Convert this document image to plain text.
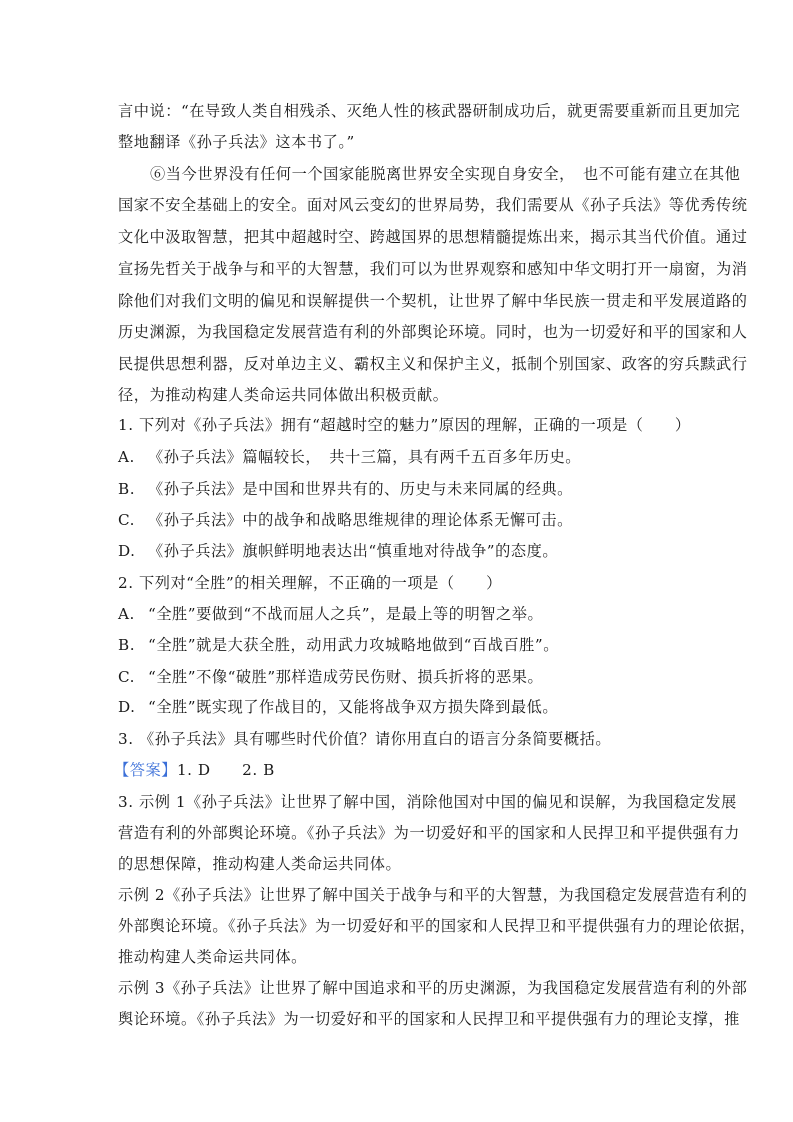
言中说：“在导致人类自相残杀、灭绝人性的核武器研制成功后，就更需要重新而且更加完
整地翻译《孙子兵法》这本书了。”
⑥当今世界没有任何一个国家能脱离世界安全实现自身安全，　也不可能有建立在其他
国家不安全基础上的安全。面对风云变幻的世界局势，我们需要从《孙子兵法》等优秀传统
文化中汲取智慧，把其中超越时空、跨越国界的思想精髓提炼出来，揭示其当代价值。通过
宣扬先哲关于战争与和平的大智慧，我们可以为世界观察和感知中华文明打开一扇窗，为消
除他们对我们文明的偏见和误解提供一个契机，让世界了解中华民族一贯走和平发展道路的
历史渊源，为我国稳定发展营造有利的外部舆论环境。同时，也为一切爱好和平的国家和人
民提供思想利器，反对单边主义、霸权主义和保护主义，抵制个别国家、政客的穷兵黩武行
径，为推动构建人类命运共同体做出积极贡献。
1. 下列对《孙子兵法》拥有“超越时空的魅力”原因的理解，正确的一项是（　　）
A. 《孙子兵法》篇幅较长，　共十三篇，具有两千五百多年历史。
B. 《孙子兵法》是中国和世界共有的、历史与未来同属的经典。
C. 《孙子兵法》中的战争和战略思维规律的理论体系无懈可击。
D. 《孙子兵法》旗帜鲜明地表达出“慎重地对待战争”的态度。
2. 下列对“全胜”的相关理解，不正确的一项是（　　）
A. “全胜”要做到“不战而屈人之兵”，是最上等的明智之举。
B. “全胜”就是大获全胜，动用武力攻城略地做到“百战百胜”。
C. “全胜”不像“破胜”那样造成劳民伤财、损兵折将的恶果。
D. “全胜”既实现了作战目的，又能将战争双方损失降到最低。
3. 《孙子兵法》具有哪些时代价值？请你用直白的语言分条简要概括。
【答案】1. D　　2. B
3. 示例 1《孙子兵法》让世界了解中国，消除他国对中国的偏见和误解，为我国稳定发展
营造有利的外部舆论环境。《孙子兵法》为一切爱好和平的国家和人民捍卫和平提供强有力
的思想保障，推动构建人类命运共同体。
示例 2《孙子兵法》让世界了解中国关于战争与和平的大智慧，为我国稳定发展营造有利的
外部舆论环境。《孙子兵法》为一切爱好和平的国家和人民捍卫和平提供强有力的理论依据，
推动构建人类命运共同体。
示例 3《孙子兵法》让世界了解中国追求和平的历史渊源，为我国稳定发展营造有利的外部
舆论环境。《孙子兵法》为一切爱好和平的国家和人民捍卫和平提供强有力的理论支撑，推
